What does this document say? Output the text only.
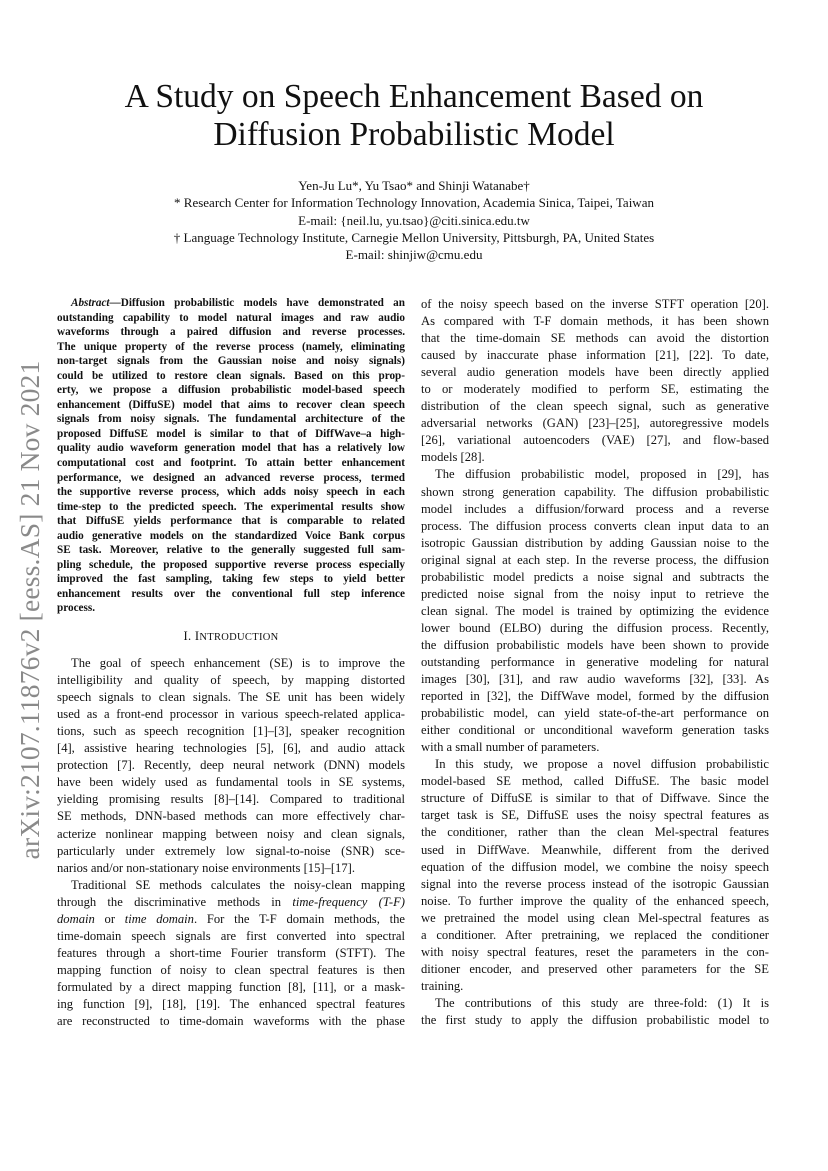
arXiv:2107.11876v2 [eess.AS] 21 Nov 2021
A Study on Speech Enhancement Based on
Diffusion Probabilistic Model
Yen-Ju Lu*, Yu Tsao* and Shinji Watanabe†
* Research Center for Information Technology Innovation, Academia Sinica, Taipei, Taiwan
E-mail: {neil.lu, yu.tsao}@citi.sinica.edu.tw
† Language Technology Institute, Carnegie Mellon University, Pittsburgh, PA, United States
E-mail: shinjiw@cmu.edu
Abstract—Diffusion probabilistic models have demonstrated an
outstanding capability to model natural images and raw audio
waveforms through a paired diffusion and reverse processes.
The unique property of the reverse process (namely, eliminating
non-target signals from the Gaussian noise and noisy signals)
could be utilized to restore clean signals. Based on this prop-
erty, we propose a diffusion probabilistic model-based speech
enhancement (DiffuSE) model that aims to recover clean speech
signals from noisy signals. The fundamental architecture of the
proposed DiffuSE model is similar to that of DiffWave–a high-
quality audio waveform generation model that has a relatively low
computational cost and footprint. To attain better enhancement
performance, we designed an advanced reverse process, termed
the supportive reverse process, which adds noisy speech in each
time-step to the predicted speech. The experimental results show
that DiffuSE yields performance that is comparable to related
audio generative models on the standardized Voice Bank corpus
SE task. Moreover, relative to the generally suggested full sam-
pling schedule, the proposed supportive reverse process especially
improved the fast sampling, taking few steps to yield better
enhancement results over the conventional full step inference
process.
I. INTRODUCTION
The goal of speech enhancement (SE) is to improve the
intelligibility and quality of speech, by mapping distorted
speech signals to clean signals. The SE unit has been widely
used as a front-end processor in various speech-related applica-
tions, such as speech recognition [1]–[3], speaker recognition
[4], assistive hearing technologies [5], [6], and audio attack
protection [7]. Recently, deep neural network (DNN) models
have been widely used as fundamental tools in SE systems,
yielding promising results [8]–[14]. Compared to traditional
SE methods, DNN-based methods can more effectively char-
acterize nonlinear mapping between noisy and clean signals,
particularly under extremely low signal-to-noise (SNR) sce-
narios and/or non-stationary noise environments [15]–[17].
Traditional SE methods calculates the noisy-clean mapping
through the discriminative methods in time-frequency (T-F)
domain or time domain. For the T-F domain methods, the
time-domain speech signals are first converted into spectral
features through a short-time Fourier transform (STFT). The
mapping function of noisy to clean spectral features is then
formulated by a direct mapping function [8], [11], or a mask-
ing function [9], [18], [19]. The enhanced spectral features
are reconstructed to time-domain waveforms with the phase
of the noisy speech based on the inverse STFT operation [20].
As compared with T-F domain methods, it has been shown
that the time-domain SE methods can avoid the distortion
caused by inaccurate phase information [21], [22]. To date,
several audio generation models have been directly applied
to or moderately modified to perform SE, estimating the
distribution of the clean speech signal, such as generative
adversarial networks (GAN) [23]–[25], autoregressive models
[26], variational autoencoders (VAE) [27], and flow-based
models [28].
The diffusion probabilistic model, proposed in [29], has
shown strong generation capability. The diffusion probabilistic
model includes a diffusion/forward process and a reverse
process. The diffusion process converts clean input data to an
isotropic Gaussian distribution by adding Gaussian noise to the
original signal at each step. In the reverse process, the diffusion
probabilistic model predicts a noise signal and subtracts the
predicted noise signal from the noisy input to retrieve the
clean signal. The model is trained by optimizing the evidence
lower bound (ELBO) during the diffusion process. Recently,
the diffusion probabilistic models have been shown to provide
outstanding performance in generative modeling for natural
images [30], [31], and raw audio waveforms [32], [33]. As
reported in [32], the DiffWave model, formed by the diffusion
probabilistic model, can yield state-of-the-art performance on
either conditional or unconditional waveform generation tasks
with a small number of parameters.
In this study, we propose a novel diffusion probabilistic
model-based SE method, called DiffuSE. The basic model
structure of DiffuSE is similar to that of Diffwave. Since the
target task is SE, DiffuSE uses the noisy spectral features as
the conditioner, rather than the clean Mel-spectral features
used in DiffWave. Meanwhile, different from the derived
equation of the diffusion model, we combine the noisy speech
signal into the reverse process instead of the isotropic Gaussian
noise. To further improve the quality of the enhanced speech,
we pretrained the model using clean Mel-spectral features as
a conditioner. After pretraining, we replaced the conditioner
with noisy spectral features, reset the parameters in the con-
ditioner encoder, and preserved other parameters for the SE
training.
The contributions of this study are three-fold: (1) It is
the first study to apply the diffusion probabilistic model to
